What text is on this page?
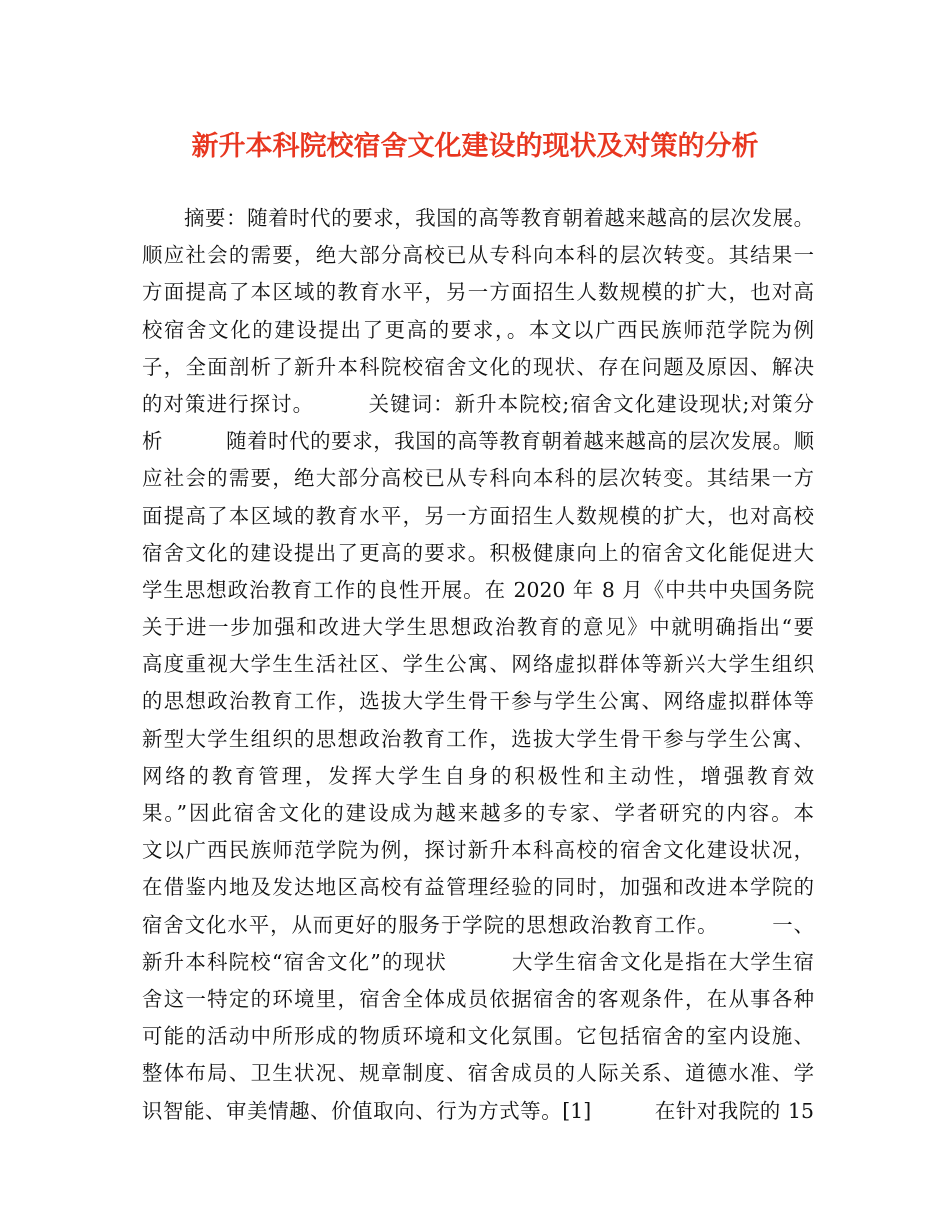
新升本科院校宿舍文化建设的现状及对策的分析
　　摘要：随着时代的要求，我国的高等教育朝着越来越高的层次发展。
顺应社会的需要，绝大部分高校已从专科向本科的层次转变。其结果一
方面提高了本区域的教育水平，另一方面招生人数规模的扩大，也对高
校宿舍文化的建设提出了更高的要求，。本文以广西民族师范学院为例
子，全面剖析了新升本科院校宿舍文化的现状、存在问题及原因、解决
的对策进行探讨。　　　关键词：新升本院校;宿舍文化建设现状;对策分
析　　　随着时代的要求，我国的高等教育朝着越来越高的层次发展。顺
应社会的需要，绝大部分高校已从专科向本科的层次转变。其结果一方
面提高了本区域的教育水平，另一方面招生人数规模的扩大，也对高校
宿舍文化的建设提出了更高的要求。积极健康向上的宿舍文化能促进大
学生思想政治教育工作的良性开展。在 2020 年 8 月《中共中央国务院
关于进一步加强和改进大学生思想政治教育的意见》中就明确指出“要
高度重视大学生生活社区、学生公寓、网络虚拟群体等新兴大学生组织
的思想政治教育工作，选拔大学生骨干参与学生公寓、网络虚拟群体等
新型大学生组织的思想政治教育工作，选拔大学生骨干参与学生公寓、
网络的教育管理，发挥大学生自身的积极性和主动性，增强教育效
果。”因此宿舍文化的建设成为越来越多的专家、学者研究的内容。本
文以广西民族师范学院为例，探讨新升本科高校的宿舍文化建设状况，
在借鉴内地及发达地区高校有益管理经验的同时，加强和改进本学院的
宿舍文化水平，从而更好的服务于学院的思想政治教育工作。　　　一、
新升本科院校“宿舍文化”的现状　　　大学生宿舍文化是指在大学生宿
舍这一特定的环境里，宿舍全体成员依据宿舍的客观条件，在从事各种
可能的活动中所形成的物质环境和文化氛围。它包括宿舍的室内设施、
整体布局、卫生状况、规章制度、宿舍成员的人际关系、道德水准、学
识智能、审美情趣、价值取向、行为方式等。[1]　　　在针对我院的 15
